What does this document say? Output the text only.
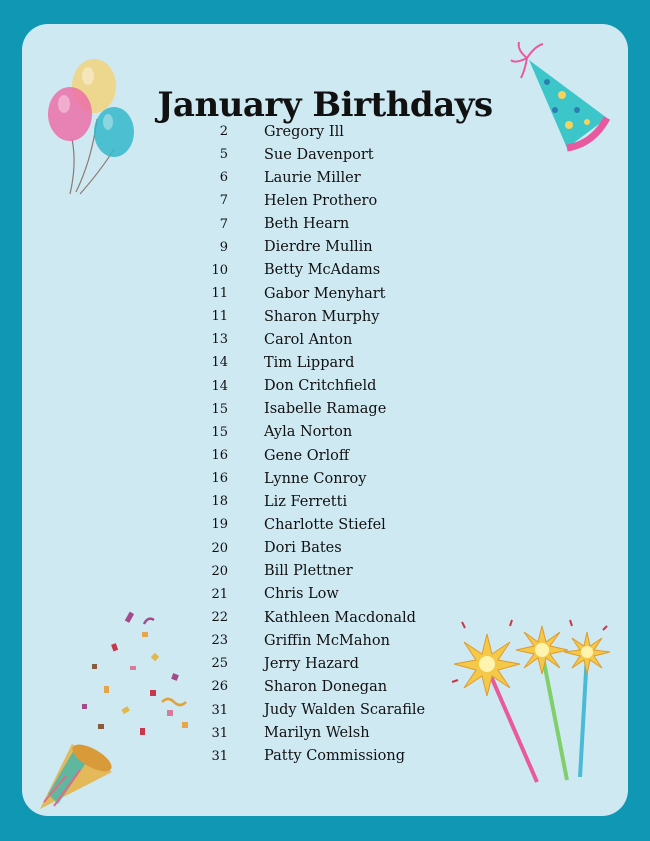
January Birthdays
2 Gregory Ill
5 Sue Davenport
6 Laurie Miller
7 Helen Prothero
7 Beth Hearn
9 Dierdre Mullin
10 Betty McAdams
11 Gabor Menyhart
11 Sharon Murphy
13 Carol Anton
14 Tim Lippard
14 Don Critchfield
15 Isabelle Ramage
15 Ayla Norton
16 Gene Orloff
16 Lynne Conroy
18 Liz Ferretti
19 Charlotte Stiefel
20 Dori Bates
20 Bill Plettner
21 Chris Low
22 Kathleen Macdonald
23 Griffin McMahon
25 Jerry Hazard
26 Sharon Donegan
31 Judy Walden Scarafile
31 Marilyn Welsh
31 Patty Commissiong
